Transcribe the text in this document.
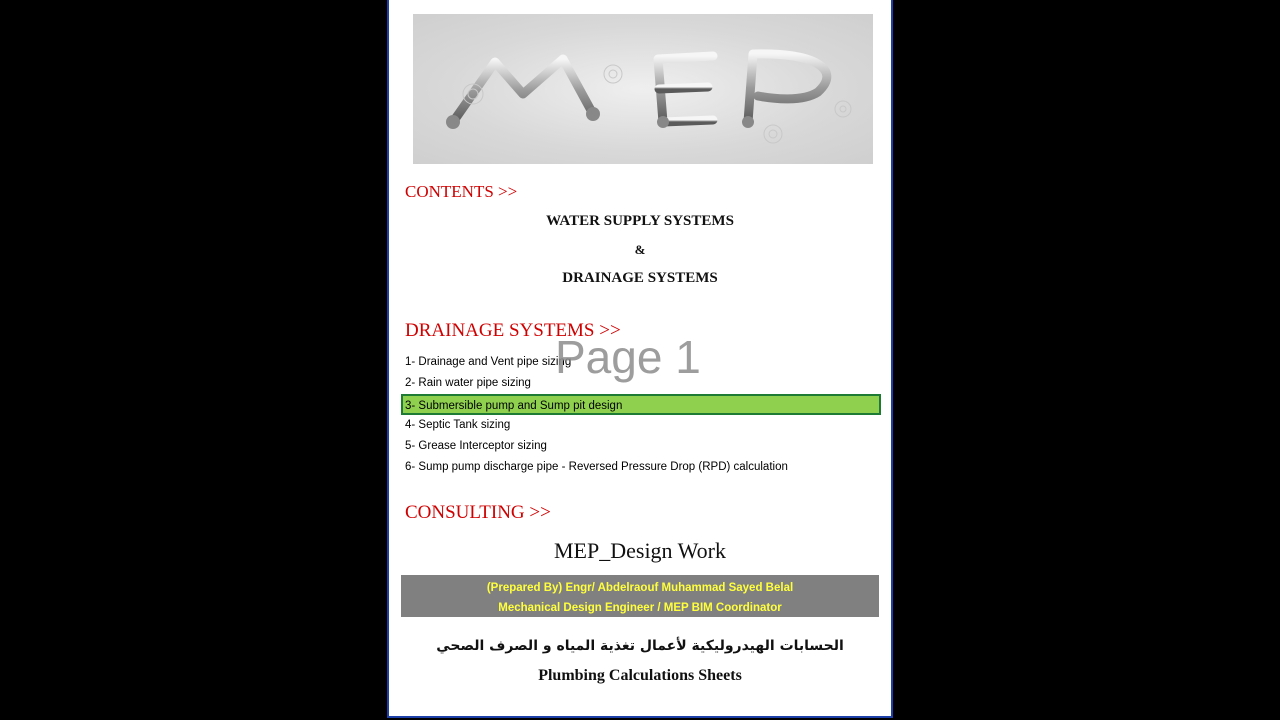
CONTENTS >>
WATER SUPPLY SYSTEMS
&
DRAINAGE SYSTEMS
DRAINAGE SYSTEMS >>
1- Drainage and Vent pipe sizing
2- Rain water pipe sizing
3- Submersible pump and Sump pit design
4- Septic Tank sizing
5- Grease Interceptor sizing
6- Sump pump discharge pipe - Reversed Pressure Drop (RPD) calculation
Page 1
CONSULTING >>
MEP_Design Work
(Prepared By) Engr/ Abdelraouf Muhammad Sayed Belal
Mechanical Design Engineer / MEP BIM Coordinator
الحسابات الهيدروليكية لأعمال تغذية المياه و الصرف الصحي
Plumbing Calculations Sheets
